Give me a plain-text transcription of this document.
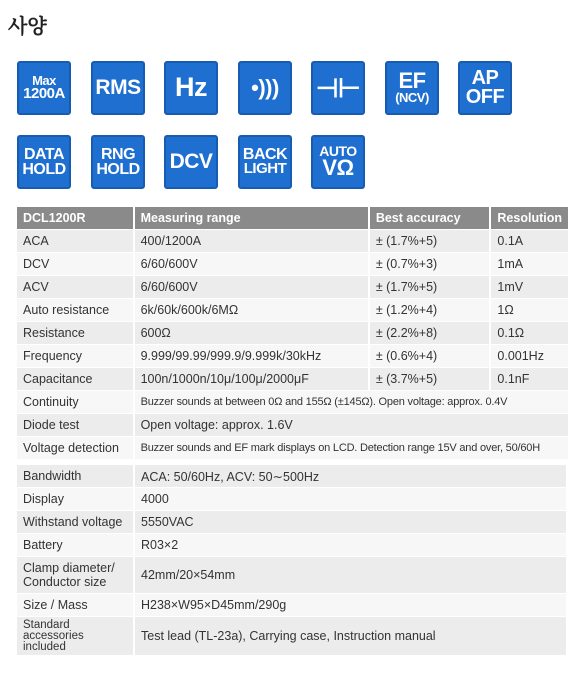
사양
Max
1200A RMS Hz •))) ⊣⊢ EF
(NCV)
AP
OFF
DATA
HOLD
RNG
HOLD DCV BACK
LIGHT
AUTO
VΩ
DCL1200R	Measuring range	Best accuracy	Resolution
ACA	400/1200A	± (1.7%+5)	0.1A
DCV	6/60/600V	± (0.7%+3)	1mA
ACV	6/60/600V	± (1.7%+5)	1mV
Auto resistance	6k/60k/600k/6MΩ	± (1.2%+4)	1Ω
Resistance	600Ω	± (2.2%+8)	0.1Ω
Frequency	9.999/99.99/999.9/9.999k/30kHz	± (0.6%+4)	0.001Hz
Capacitance	100n/1000n/10μ/100μ/2000μF	± (3.7%+5)	0.1nF
Continuity	Buzzer sounds at between 0Ω and 155Ω (±145Ω). Open voltage: approx. 0.4V		
Diode test	Open voltage: approx. 1.6V		
Voltage detection	Buzzer sounds and EF mark displays on LCD. Detection range 15V and over, 50/60H		
Bandwidth	ACA: 50/60Hz, ACV: 50∼500Hz
Display	4000
Withstand voltage	5550VAC
Battery	R03×2
Clamp diameter/
Conductor size	42mm/20×54mm
Size / Mass	H238×W95×D45mm/290g
Standard
accessories
included	Test lead (TL-23a), Carrying case, Instruction manual
